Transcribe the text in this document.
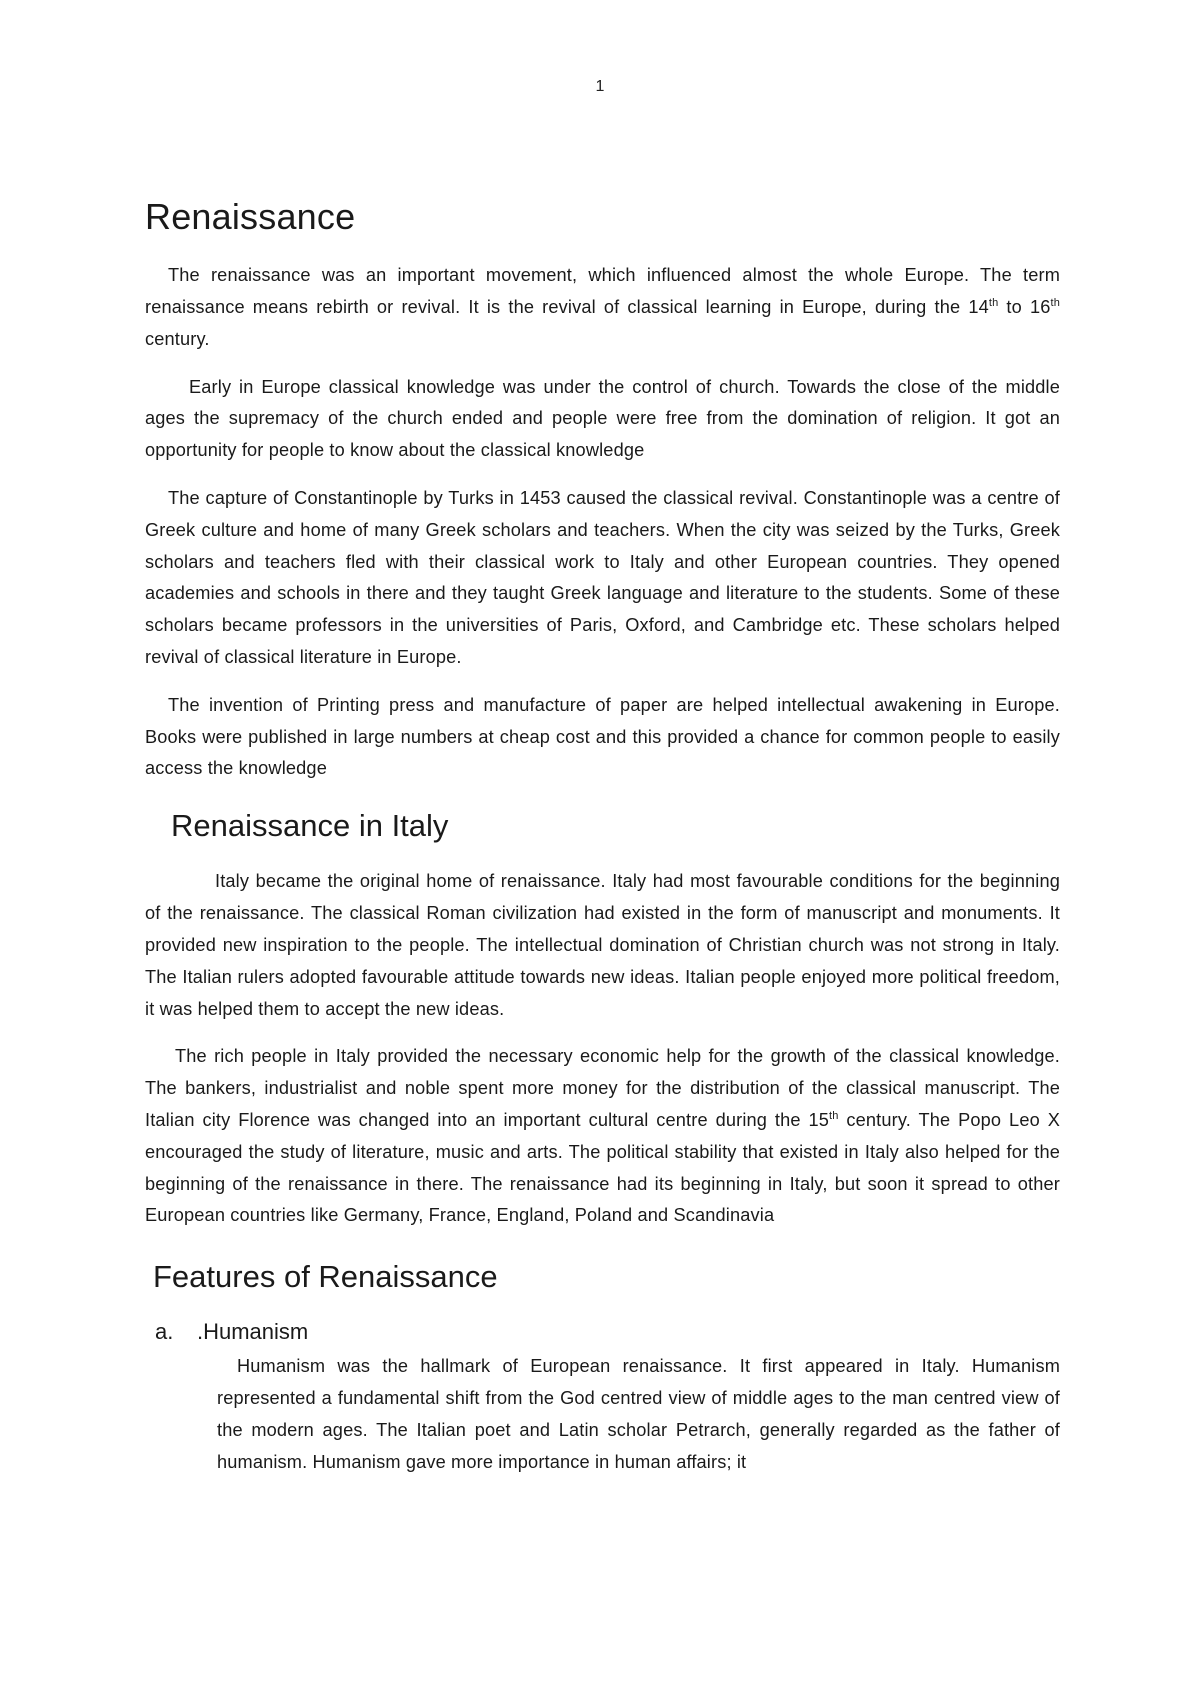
1
Renaissance

The renaissance was an important movement, which influenced almost the whole Europe. The term renaissance means rebirth or revival. It is the revival of classical learning in Europe, during the 14th to 16th century.

Early in Europe classical knowledge was under the control of church. Towards the close of the middle ages the supremacy of the church ended and people were free from the domination of religion. It got an opportunity for people to know about the classical knowledge

The capture of Constantinople by Turks in 1453 caused the classical revival. Constantinople was a centre of Greek culture and home of many Greek scholars and teachers. When the city was seized by the Turks, Greek scholars and teachers fled with their classical work to Italy and other European countries. They opened academies and schools in there and they taught Greek language and literature to the students. Some of these scholars became professors in the universities of Paris, Oxford, and Cambridge etc. These scholars helped revival of classical literature in Europe.

The invention of Printing press and manufacture of paper are helped intellectual awakening in Europe. Books were published in large numbers at cheap cost and this provided a chance for common people to easily access the knowledge

Renaissance in Italy

Italy became the original home of renaissance. Italy had most favourable conditions for the beginning of the renaissance. The classical Roman civilization had existed in the form of manuscript and monuments. It provided new inspiration to the people. The intellectual domination of Christian church was not strong in Italy. The Italian rulers adopted favourable attitude towards new ideas. Italian people enjoyed more political freedom, it was helped them to accept the new ideas.

The rich people in Italy provided the necessary economic help for the growth of the classical knowledge. The bankers, industrialist and noble spent more money for the distribution of the classical manuscript. The Italian city Florence was changed into an important cultural centre during the 15th century. The Popo Leo X encouraged the study of literature, music and arts. The political stability that existed in Italy also helped for the beginning of the renaissance in there. The renaissance had its beginning in Italy, but soon it spread to other European countries like Germany, France, England, Poland and Scandinavia

Features of Renaissance
a.	.Humanism

Humanism was the hallmark of European renaissance. It first appeared in Italy. Humanism represented a fundamental shift from the God centred view of middle ages to the man centred view of the modern ages. The Italian poet and Latin scholar Petrarch, generally regarded as the father of humanism. Humanism gave more importance in human affairs; it
